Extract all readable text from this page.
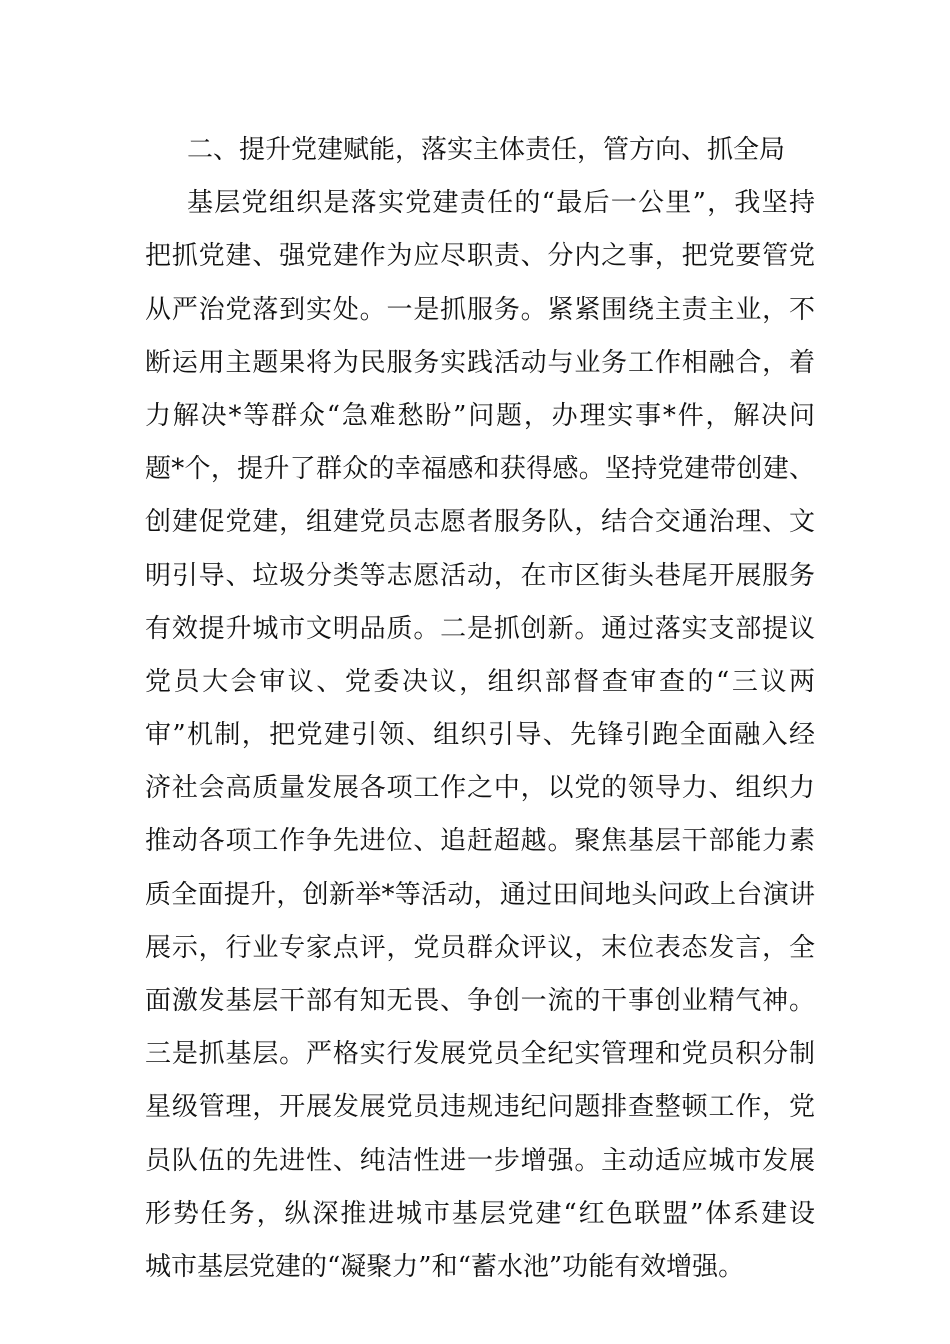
二、提升党建赋能，落实主体责任，管方向、抓全局
基层党组织是落实党建责任的“最后一公里”，我坚持
把抓党建、强党建作为应尽职责、分内之事，把党要管党
从严治党落到实处。一是抓服务。紧紧围绕主责主业，不
断运用主题果将为民服务实践活动与业务工作相融合，着
力解决*等群众“急难愁盼”问题，办理实事*件，解决问
题*个，提升了群众的幸福感和获得感。坚持党建带创建、
创建促党建，组建党员志愿者服务队，结合交通治理、文
明引导、垃圾分类等志愿活动，在市区街头巷尾开展服务
有效提升城市文明品质。二是抓创新。通过落实支部提议
党员大会审议、党委决议，组织部督查审查的“三议两
审”机制，把党建引领、组织引导、先锋引跑全面融入经
济社会高质量发展各项工作之中，以党的领导力、组织力
推动各项工作争先进位、追赶超越。聚焦基层干部能力素
质全面提升，创新举*等活动，通过田间地头问政上台演讲
展示，行业专家点评，党员群众评议，末位表态发言，全
面激发基层干部有知无畏、争创一流的干事创业精气神。
三是抓基层。严格实行发展党员全纪实管理和党员积分制
星级管理，开展发展党员违规违纪问题排查整顿工作，党
员队伍的先进性、纯洁性进一步增强。主动适应城市发展
形势任务，纵深推进城市基层党建“红色联盟”体系建设
城市基层党建的“凝聚力”和“蓄水池”功能有效增强。
